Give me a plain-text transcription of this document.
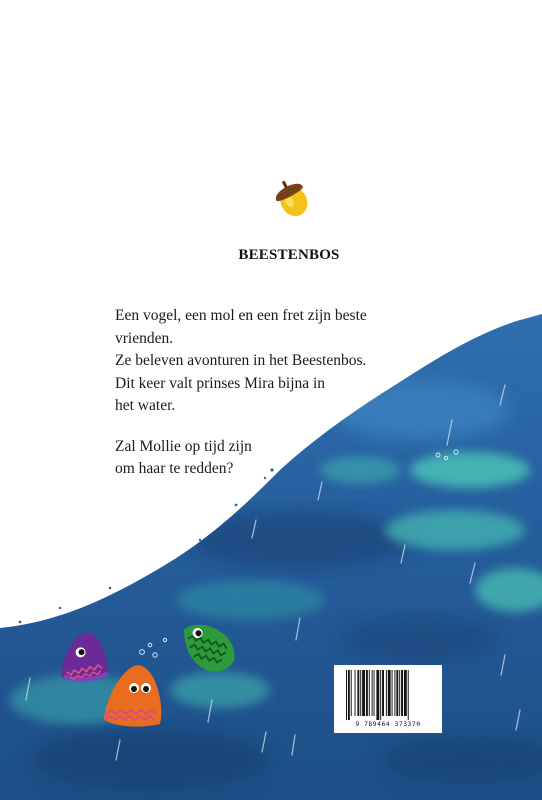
BEESTENBOS

Een vogel, een mol en een fret zijn beste

vrienden.

Ze beleven avonturen in het Beestenbos.

Dit keer valt prinses Mira bijna in

het water.

Zal Mollie op tijd zijn

om haar te redden?

9 789464 373370
